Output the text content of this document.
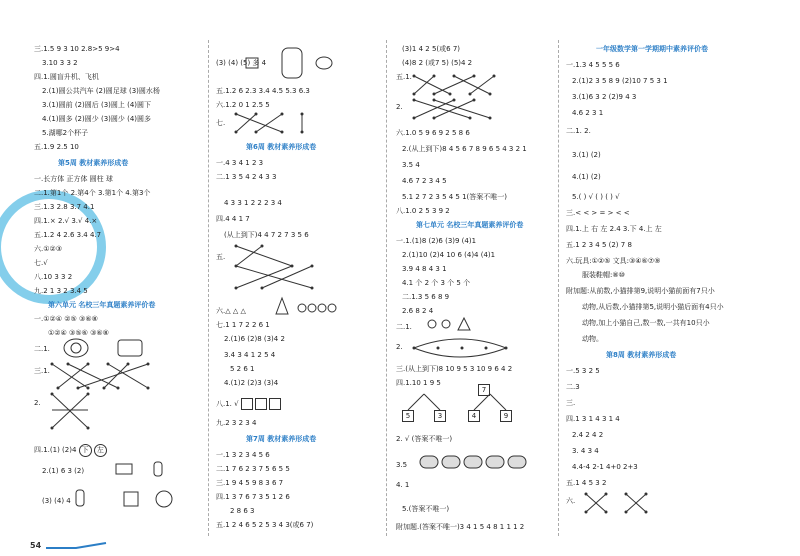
三.1.5 9 3 10 2.8>5 9>4
3.10 3 3 2
四.1.圆盲升机、飞机
2.(1)圆公共汽车 (2)圆足球 (3)圆水杨
3.(1)圆前 (2)圆后 (3)圆上 (4)圆下
4.(1)圆多 (2)圆少 (3)圆少 (4)圆多
5.湖哪2个杯子
五.1.9 2.5 10
第5周 教材素养形成卷
一.长方体 正方体 圆柱 球
二.1.第1个 2.第4个 3.第1个 4.第3个
三.1.3 2.8 3.7 4.1
四.1.× 2.√ 3.√ 4.×
五.1.2 4 2.6 3.4 4.7
六.①②③
七.√
八.10 3 3 2
九.2 1 3 2 3.4 5
第六单元 名校三年真题素养评价卷
一.①②④ ②⑤ ③⑥⑧
①②④ ③⑤⑥ ③⑥⑧
二.1.
三.1.
2.
四.1.(1) (2)4 下 左
2.(1) 6 3 (2)
(3) (4) 4
(3) (4) (5) 多 4
五.1.2 6 2.3 3.4 4.5 5.3 6.3
六.1.2 0 1 2.5 5
七.
第6周 教材素养形成卷
一.4 3 4 1 2 3
二.1 3 5 4 2 4 3 3
4 3 3 1 2 2 2 3 4
四.4 4 1 7
(从上到下)4 4 7 2 7 3 5 6
五.
六.△ △ △
七.1 1 7 2 2 6 1
2.(1)6 (2)8 (3)4 2
3.4 3 4 1 2 5 4
5 2 6 1
4.(1)2 (2)3 (3)4
八.1. √
九.2 3 2 3 4
第7周 教材素养形成卷
一.1 3 2 3 4 5 6
二.1 7 6 2 3 7 5 6 5 5
三.1 9 4 5 9 8 3 6 7
四.1 3 7 6 7 3 5 1 2 6
2 8 6 3
五.1 2 4 6 5 2 5 3 4 3(或6 7)
(3)1 4 2 5(或6 7)
(4)8 2 (或7 5) (5)4 2
五.1.
2.
六.1.0 5 9 6 9 2 5 8 6
2.(从上到下)8 4 5 6 7 8 9 6 5 4 3 2 1
3.5 4
4.6 7 2 3 4 5
5.1 2 7 2 3 5 4 5 1(答案不唯一)
八.1.0 2 5 3 9 2
第七单元 名校三年真题素养评价卷
一.1.(1)8 (2)6 (3)9 (4)1
2.(1)10 (2)4 10 6 (4)4 (4)1
3.9 4 8 4 3 1
4.1 个 2 个 3 个 5 个
二.1.3 5 6 8 9
2.6 8 2 4
二.1.
2.
三.(从上到下)8 10 9 5 3 10 9 6 4 2
四.1.10 1 9 5
7
5	3	4	9
2. √ (答案不唯一)
3.5
4. 1
5.(答案不唯一)
附加题.(答案不唯一)3 4 1 5 4 8 1 1 1 2
一年级数学第一学期期中素养评价卷
一.1.3 4 5 5 5 6
2.(1)2 3 5 8 9 (2)10 7 5 3 1
3.(1)6 3 2 (2)9 4 3
4.6 2 3 1
二.1. 2.
3.(1) (2)
4.(1) (2)
5.( ) √ ( ) ( ) √
三.< < > = > < <
四.1.上 右 左 2.4 3.下 4.上 左
五.1 2 3 4 5 (2) 7 8
六.玩具:①②⑤ 文具:③④⑥⑦⑨
服装鞋帽:⑧⑩
附加题:从前数,小猫排第9,说明小猫前面有7只小
动物,从后数,小猫排第5,说明小猫后面有4只小
动物,加上小猫自己,数一数,一共有10只小
动物。
第8周 教材素养形成卷
一.5 3 2 5
二.3
三.
四.1 3 1 4 3 1 4
2.4 2 4 2
3. 4 3 4
4.4-4 2-1 4+0 2+3
五.1 4 5 3 2
六.
54
